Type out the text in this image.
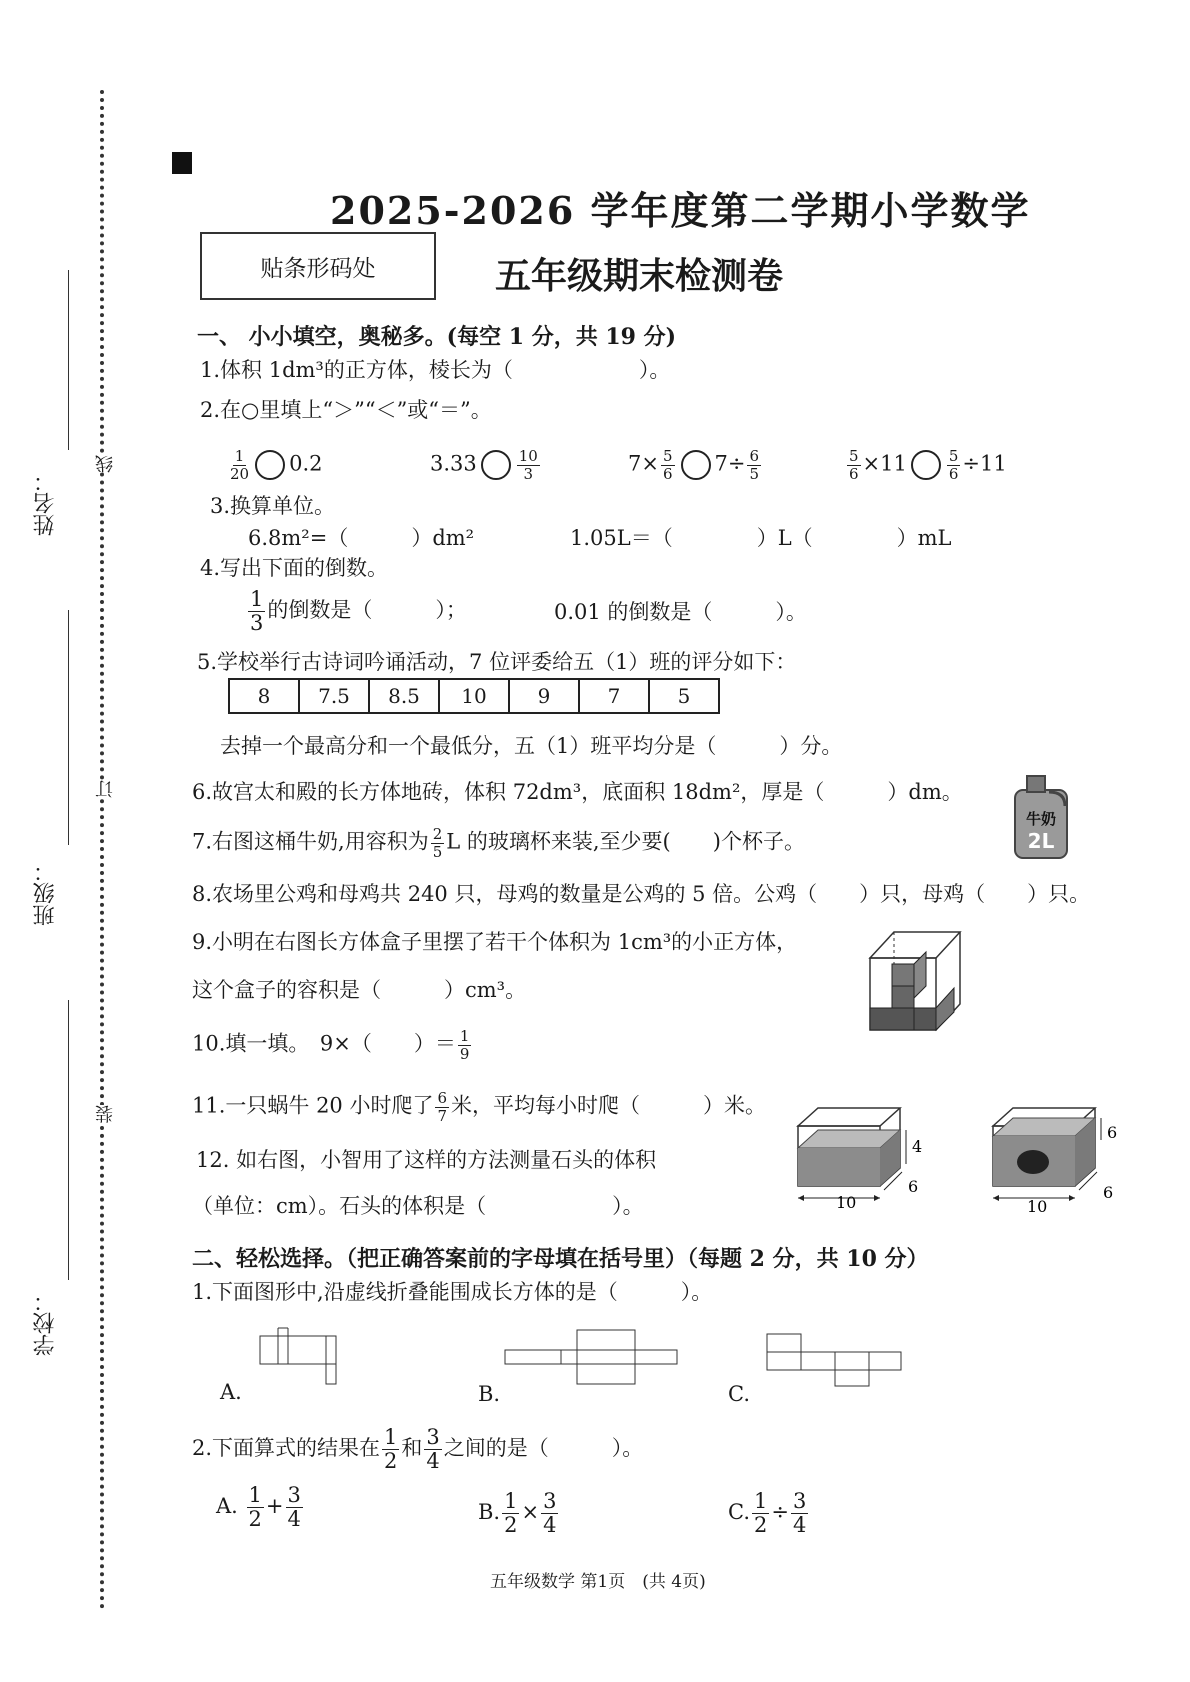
姓名：
班级：
学校：
线
订
装
2025-2026 学年度第二学期小学数学
贴条形码处	五年级期末检测卷
一、 小小填空，奥秘多。(每空 1 分，共 19 分)
1.体积 1dm³的正方体，棱长为（　　　　　　）。
2.在○里填上“＞”“＜”或“＝”。
$\frac{1}{20} 0.2$	3.33	$\frac{10}{3}$	$7\times \frac{5}{6} 7\div \frac{6}{5}$	$\frac{5}{6} \times 11$	$\frac{5}{6} \div 11$
3.换算单位。
6.8m²=（　　　）dm²	1.05L＝（　　　　）L（　　　　）mL
4.写出下面的倒数。
$\frac{1}{3}$ 的倒数是（　　　）；	0.01 的倒数是（　　　）。
5.学校举行古诗词吟诵活动，7 位评委给五（1）班的评分如下：
8	7.5	8.5	10	9	7	5
去掉一个最高分和一个最低分，五（1）班平均分是（　　　）分。
6.故宫太和殿的长方体地砖，体积 72dm³，底面积 18dm²，厚是（　　　）dm。
牛奶
2L
7.右图这桶牛奶,用容积为 $\frac{2}{5}$ L 的玻璃杯来装,至少要(　　)个杯子。
8.农场里公鸡和母鸡共 240 只，母鸡的数量是公鸡的 5 倍。公鸡（　　）只，母鸡（　　）只。
9.小明在右图长方体盒子里摆了若干个体积为 1cm³的小正方体，
这个盒子的容积是（　　　）cm³。
10.填一填。　9×（　　）＝ $\frac{1}{9}$
11.一只蜗牛 20 小时爬了 $\frac{6}{7}$ 米，平均每小时爬（　　　）米。
12. 如右图，小智用了这样的方法测量石头的体积
（单位：cm）。石头的体积是（　　　　　　）。	10
6
4
10
6
6
二、轻松选择。（把正确答案前的字母填在括号里）（每题 2 分，共 10 分）
1.下面图形中,沿虚线折叠能围成长方体的是（　　　）。
A.	B.	C.
2.下面算式的结果在 $\frac{1}{2}$ 和 $\frac{3}{4}$ 之间的是（　　　）。
A. $\frac{1}{2} + \frac{3}{4}$	B. $\frac{1}{2} \times \frac{3}{4}$	C. $\frac{1}{2} \div \frac{3}{4}$
五年级数学 第1页　(共 4页)
